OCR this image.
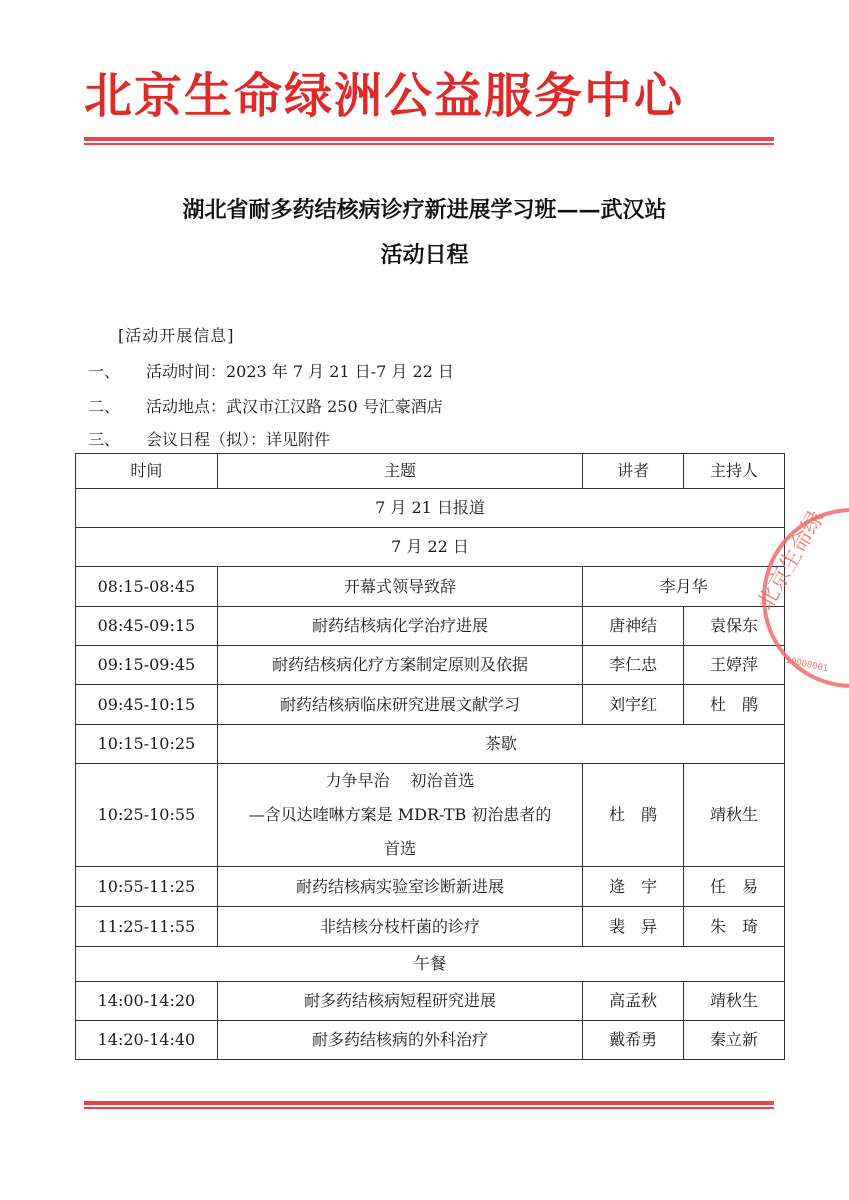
北京生命绿洲公益服务中心
湖北省耐多药结核病诊疗新进展学习班——武汉站
活动日程
[活动开展信息]
一、 活动时间：2023 年 7 月 21 日-7 月 22 日
二、 活动地点：武汉市江汉路 250 号汇豪酒店
三、 会议日程（拟）：详见附件
时间	主题	讲者	主持人
7 月 21 日报道			
7 月 22 日			
08:15-08:45	开幕式领导致辞	李月华	
08:45-09:15	耐药结核病化学治疗进展	唐神结	袁保东
09:15-09:45	耐药结核病化疗方案制定原则及依据	李仁忠	王婷萍
09:45-10:15	耐药结核病临床研究进展文献学习	刘宇红	杜　鹃
10:15-10:25	茶歇		
10:25-10:55	力争早治　 初治首选
—含贝达喹啉方案是 MDR-TB 初治患者的
首选	杜　鹃	靖秋生
10:55-11:25	耐药结核病实验室诊断新进展	逄　宇	任　易
11:25-11:55	非结核分枝杆菌的诊疗	裴　异	朱　琦
午餐			
14:00-14:20	耐多药结核病短程研究进展	高孟秋	靖秋生
14:20-14:40	耐多药结核病的外科治疗	戴希勇	秦立新
北京生命绿
10000001
